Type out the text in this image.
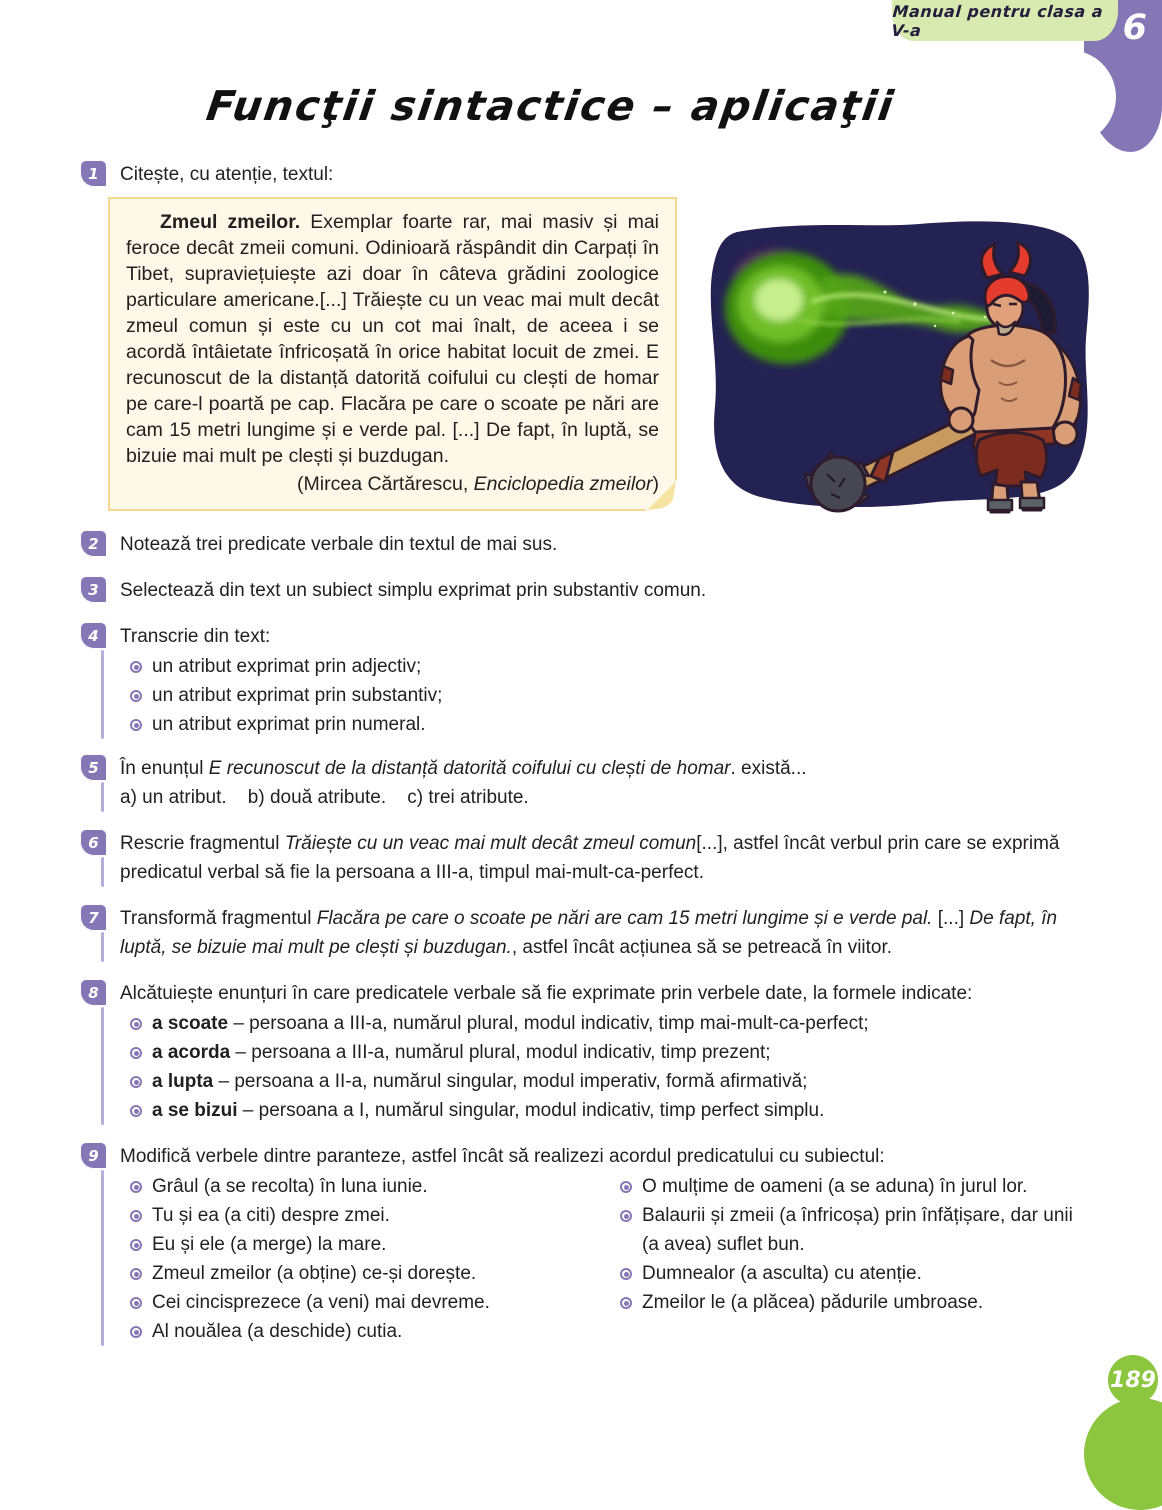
Manual pentru clasa a V-a	6
189
Funcţii sintactice – aplicaţii
1	Citește, cu atenție, textul:
Zmeul zmeilor. Exemplar foarte rar, mai masiv și mai feroce decât zmeii comuni. Odinioară răspândit din Carpați în Tibet, supraviețuiește azi doar în câteva grădini zoologice particulare americane.[...] Trăiește cu un veac mai mult decât zmeul comun și este cu un cot mai înalt, de aceea i se acordă întâietate înfricoșată în orice habitat locuit de zmei. E recunoscut de la distanță datorită coifului cu clești de homar pe care-l poartă pe cap. Flacăra pe care o scoate pe nări are cam 15 metri lungime și e verde pal. [...] De fapt, în luptă, se bizuie mai mult pe clești și buzdugan.
(Mircea Cărtărescu, Enciclopedia zmeilor)
2	Notează trei predicate verbale din textul de mai sus.
3	Selectează din text un subiect simplu exprimat prin substantiv comun.
4	Transcrie din text:
un atribut exprimat prin adjectiv;
un atribut exprimat prin substantiv;
un atribut exprimat prin numeral.
5	În enunțul E recunoscut de la distanță datorită coifului cu clești de homar. există...
a) un atribut.    b) două atribute.    c) trei atribute.
6	Rescrie fragmentul Trăiește cu un veac mai mult decât zmeul comun[...], astfel încât verbul prin care se exprimă predicatul verbal să fie la persoana a III-a, timpul mai-mult-ca-perfect.
7	Transformă fragmentul Flacăra pe care o scoate pe nări are cam 15 metri lungime și e verde pal. [...] De fapt, în luptă, se bizuie mai mult pe clești și buzdugan., astfel încât acțiunea să se petreacă în viitor.
8	Alcătuiește enunțuri în care predicatele verbale să fie exprimate prin verbele date, la formele indicate:
a scoate – persoana a III-a, numărul plural, modul indicativ, timp mai-mult-ca-perfect;
a acorda – persoana a III-a, numărul plural, modul indicativ, timp prezent;
a lupta – persoana a II-a, numărul singular, modul imperativ, formă afirmativă;
a se bizui – persoana a I, numărul singular, modul indicativ, timp perfect simplu.
9	Modifică verbele dintre paranteze, astfel încât să realizezi acordul predicatului cu subiectul:
Grâul (a se recolta) în luna iunie.
Tu și ea (a citi) despre zmei.
Eu și ele (a merge) la mare.
Zmeul zmeilor (a obține) ce-și dorește.
Cei cincisprezece (a veni) mai devreme.
Al nouălea (a deschide) cutia.
O mulțime de oameni (a se aduna) în jurul lor.
Balaurii și zmeii (a înfricoșa) prin înfățișare, dar unii (a avea) suflet bun.
Dumnealor (a asculta) cu atenție.
Zmeilor le (a plăcea) pădurile umbroase.
